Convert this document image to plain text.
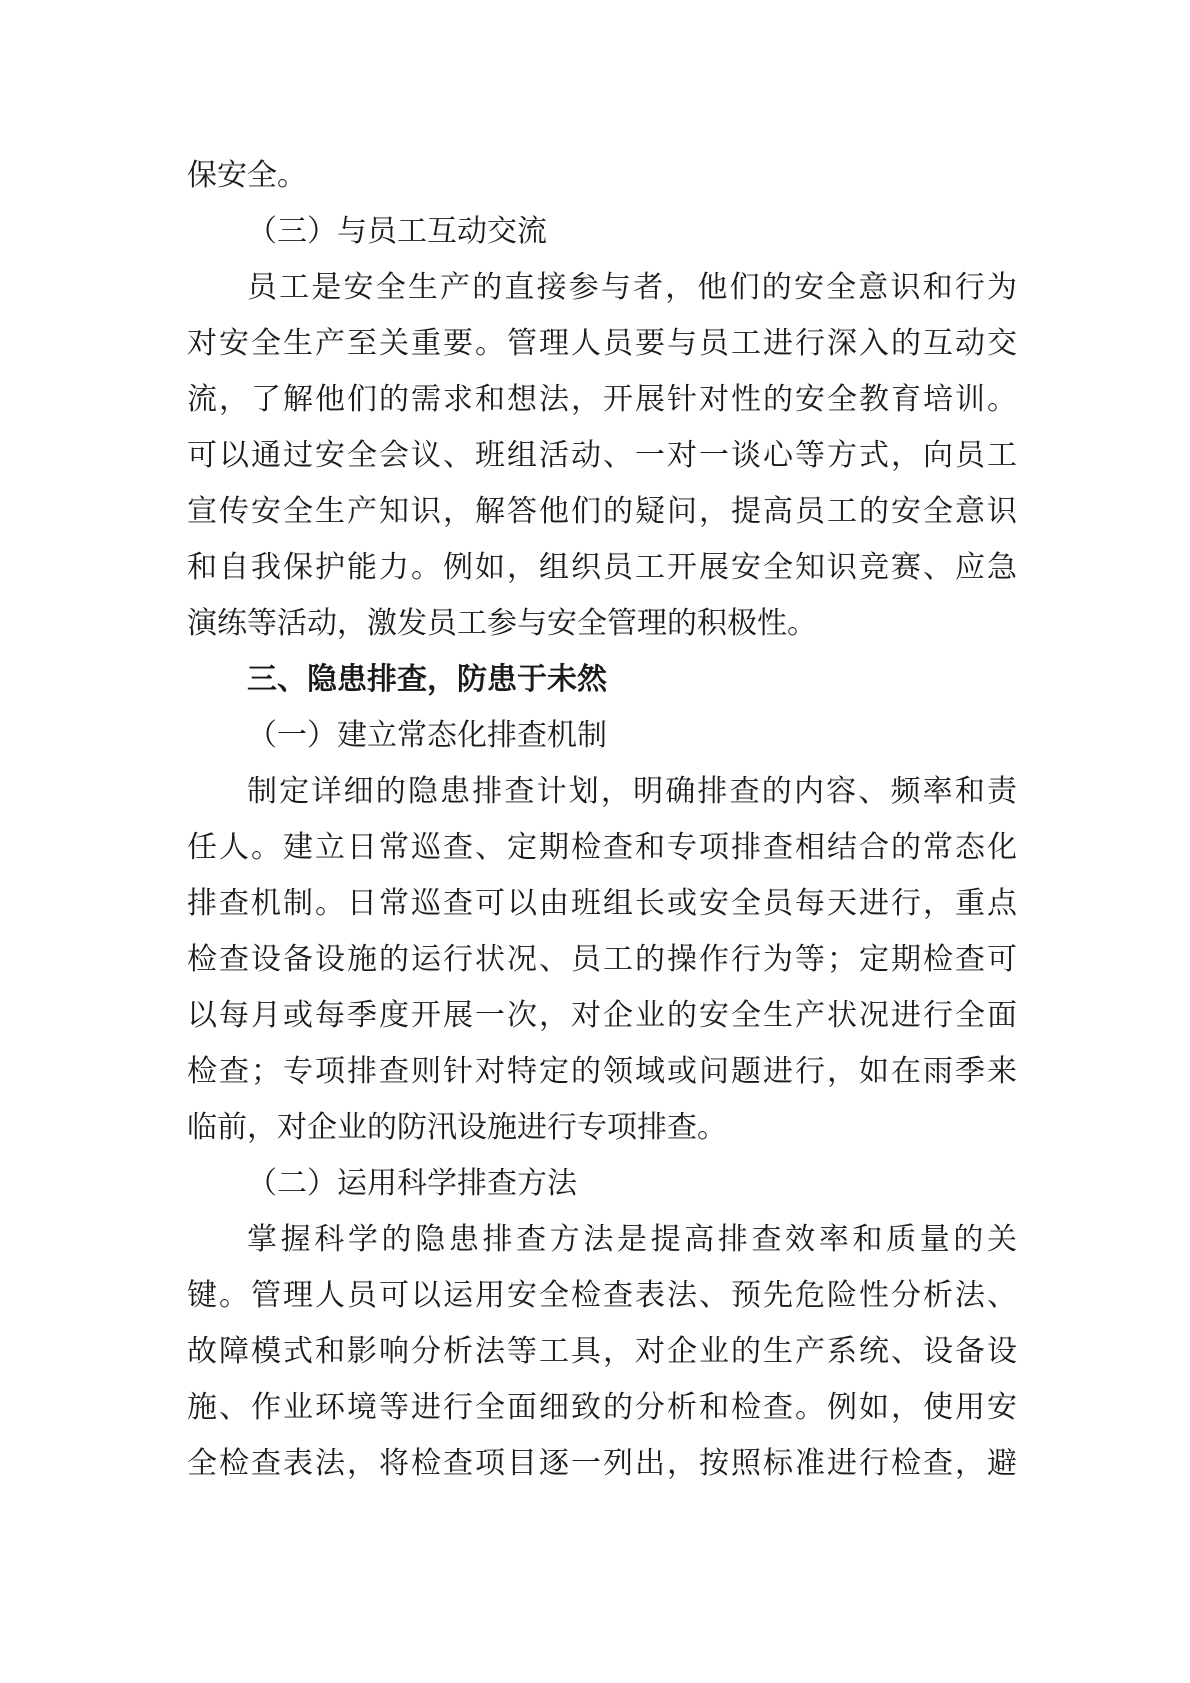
保安全。
（三）与员工互动交流
员工是安全生产的直接参与者，他们的安全意识和行为
对安全生产至关重要。管理人员要与员工进行深入的互动交
流，了解他们的需求和想法，开展针对性的安全教育培训。
可以通过安全会议、班组活动、一对一谈心等方式，向员工
宣传安全生产知识，解答他们的疑问，提高员工的安全意识
和自我保护能力。例如，组织员工开展安全知识竞赛、应急
演练等活动，激发员工参与安全管理的积极性。
三、隐患排查，防患于未然
（一）建立常态化排查机制
制定详细的隐患排查计划，明确排查的内容、频率和责
任人。建立日常巡查、定期检查和专项排查相结合的常态化
排查机制。日常巡查可以由班组长或安全员每天进行，重点
检查设备设施的运行状况、员工的操作行为等；定期检查可
以每月或每季度开展一次，对企业的安全生产状况进行全面
检查；专项排查则针对特定的领域或问题进行，如在雨季来
临前，对企业的防汛设施进行专项排查。
（二）运用科学排查方法
掌握科学的隐患排查方法是提高排查效率和质量的关
键。管理人员可以运用安全检查表法、预先危险性分析法、
故障模式和影响分析法等工具，对企业的生产系统、设备设
施、作业环境等进行全面细致的分析和检查。例如，使用安
全检查表法，将检查项目逐一列出，按照标准进行检查，避
